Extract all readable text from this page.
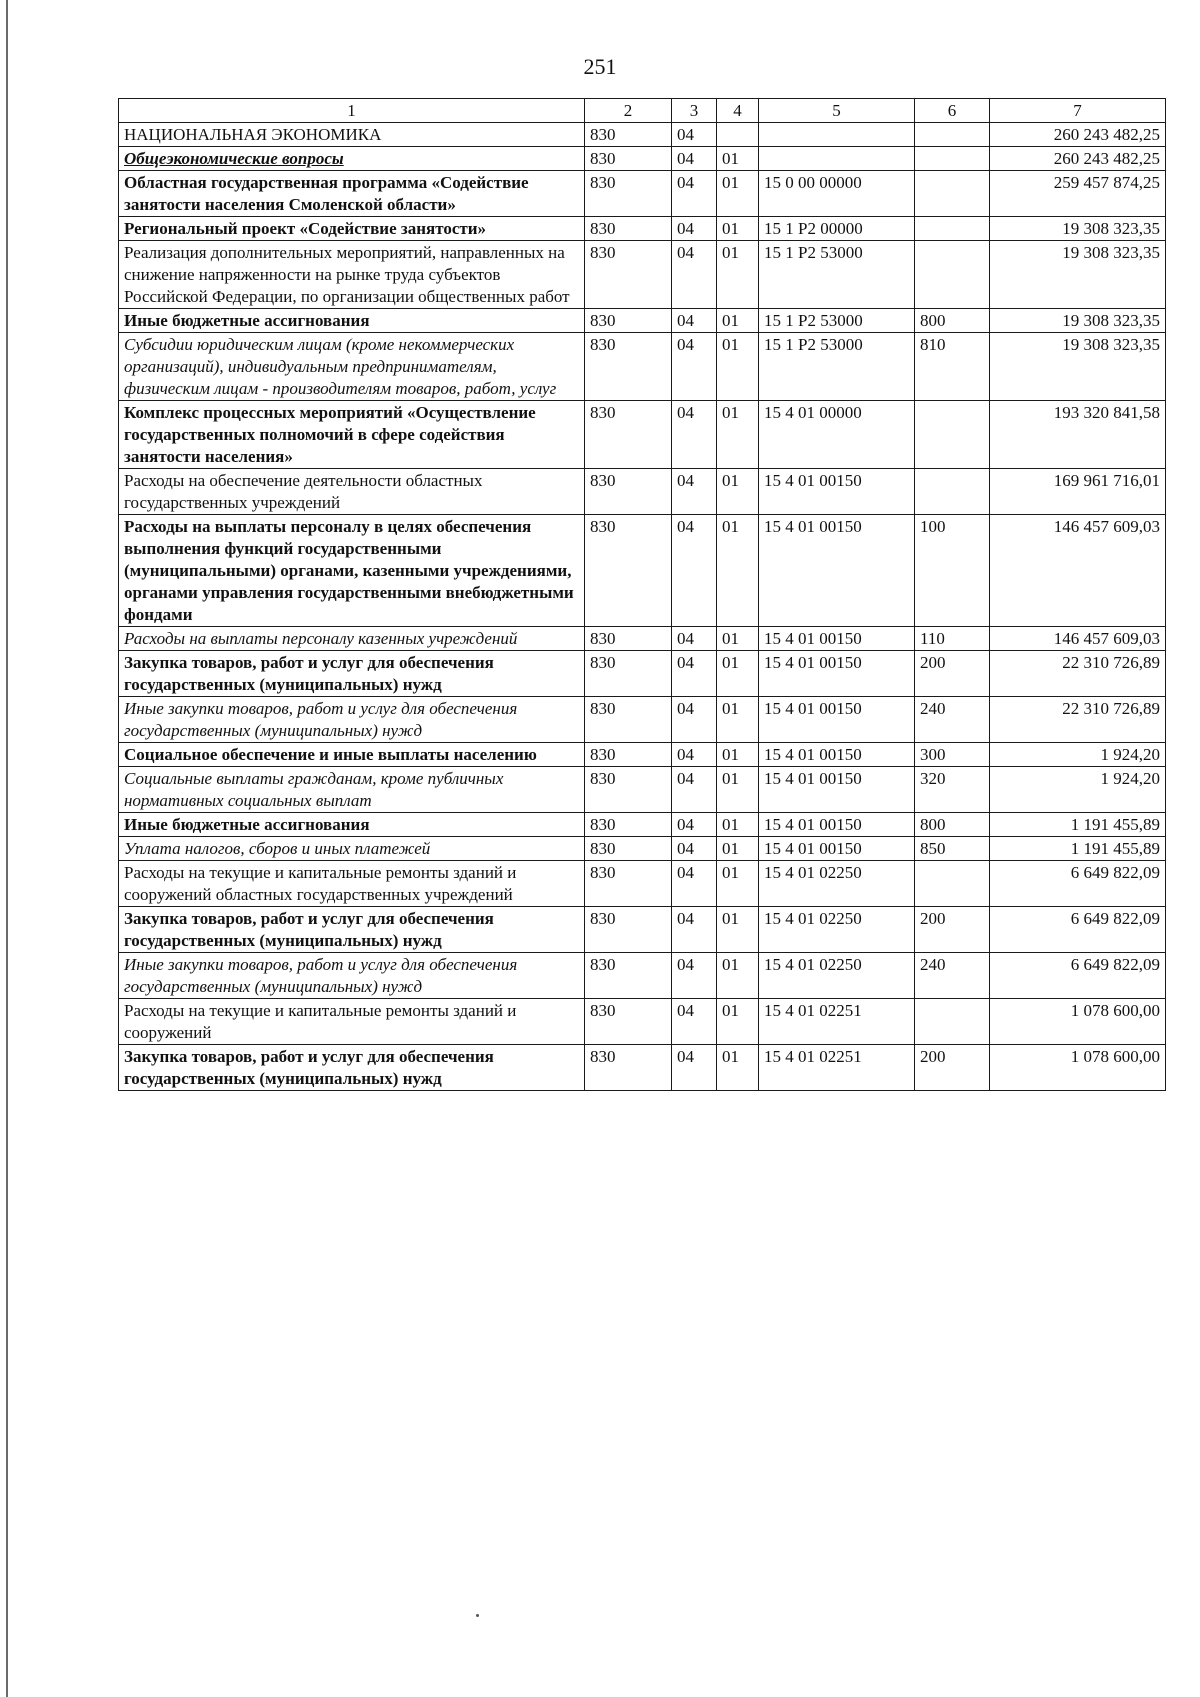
251
1	2	3	4	5	6	7
НАЦИОНАЛЬНАЯ ЭКОНОМИКА	830	04				260 243 482,25
Общеэкономические вопросы	830	04	01			260 243 482,25
Областная государственная программа «Содействие занятости населения Смоленской области»	830	04	01	15 0 00 00000		259 457 874,25
Региональный проект «Содействие занятости»	830	04	01	15 1 Р2 00000		19 308 323,35
Реализация дополнительных мероприятий, направленных на снижение напряженности на рынке труда субъектов Российской Федерации, по организации общественных работ	830	04	01	15 1 Р2 53000		19 308 323,35
Иные бюджетные ассигнования	830	04	01	15 1 Р2 53000	800	19 308 323,35
Субсидии юридическим лицам (кроме некоммерческих организаций), индивидуальным предпринимателям, физическим лицам - производителям товаров, работ, услуг	830	04	01	15 1 Р2 53000	810	19 308 323,35
Комплекс процессных мероприятий «Осуществление государственных полномочий в сфере содействия занятости населения»	830	04	01	15 4 01 00000		193 320 841,58
Расходы на обеспечение деятельности областных государственных учреждений	830	04	01	15 4 01 00150		169 961 716,01
Расходы на выплаты персоналу в целях обеспечения выполнения функций государственными (муниципальными) органами, казенными учреждениями, органами управления государственными внебюджетными фондами	830	04	01	15 4 01 00150	100	146 457 609,03
Расходы на выплаты персоналу казенных учреждений	830	04	01	15 4 01 00150	110	146 457 609,03
Закупка товаров, работ и услуг для обеспечения государственных (муниципальных) нужд	830	04	01	15 4 01 00150	200	22 310 726,89
Иные закупки товаров, работ и услуг для обеспечения государственных (муниципальных) нужд	830	04	01	15 4 01 00150	240	22 310 726,89
Социальное обеспечение и иные выплаты населению	830	04	01	15 4 01 00150	300	1 924,20
Социальные выплаты гражданам, кроме публичных нормативных социальных выплат	830	04	01	15 4 01 00150	320	1 924,20
Иные бюджетные ассигнования	830	04	01	15 4 01 00150	800	1 191 455,89
Уплата налогов, сборов и иных платежей	830	04	01	15 4 01 00150	850	1 191 455,89
Расходы на текущие и капитальные ремонты зданий и сооружений областных государственных учреждений	830	04	01	15 4 01 02250		6 649 822,09
Закупка товаров, работ и услуг для обеспечения государственных (муниципальных) нужд	830	04	01	15 4 01 02250	200	6 649 822,09
Иные закупки товаров, работ и услуг для обеспечения государственных (муниципальных) нужд	830	04	01	15 4 01 02250	240	6 649 822,09
Расходы на текущие и капитальные ремонты зданий и сооружений	830	04	01	15 4 01 02251		1 078 600,00
Закупка товаров, работ и услуг для обеспечения государственных (муниципальных) нужд	830	04	01	15 4 01 02251	200	1 078 600,00
